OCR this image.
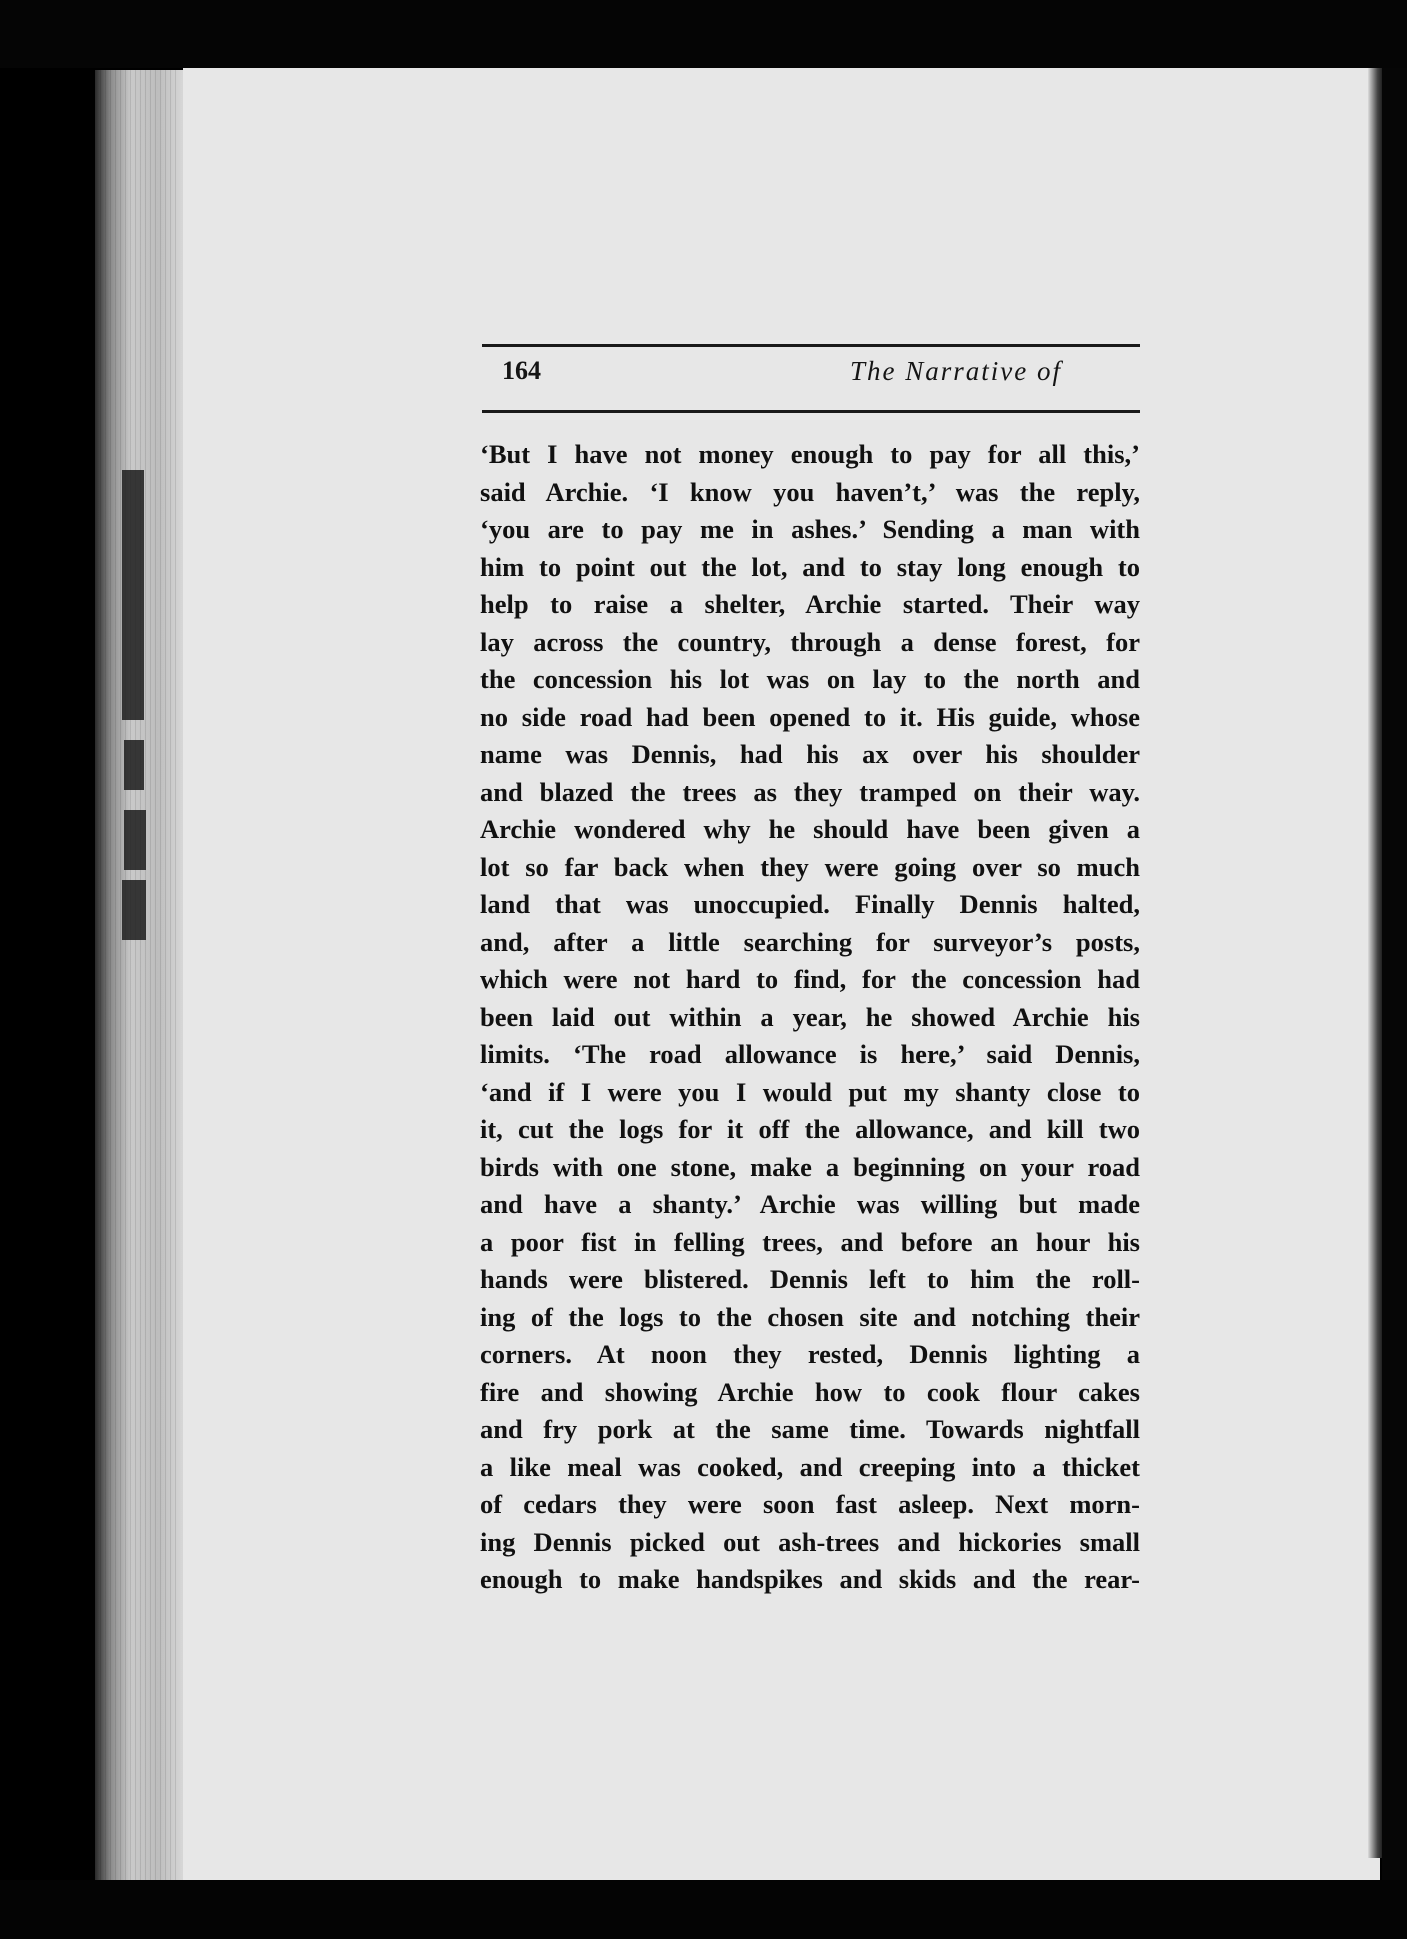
164	The Narrative of
‘But I have not money enough to pay for all this,’
said Archie. ‘I know you haven’t,’ was the reply,
‘you are to pay me in ashes.’ Sending a man with
him to point out the lot, and to stay long enough to
help to raise a shelter, Archie started. Their way
lay across the country, through a dense forest, for
the concession his lot was on lay to the north and
no side road had been opened to it. His guide, whose
name was Dennis, had his ax over his shoulder
and blazed the trees as they tramped on their way.
Archie wondered why he should have been given a
lot so far back when they were going over so much
land that was unoccupied. Finally Dennis halted,
and, after a little searching for surveyor’s posts,
which were not hard to find, for the concession had
been laid out within a year, he showed Archie his
limits. ‘The road allowance is here,’ said Dennis,
‘and if I were you I would put my shanty close to
it, cut the logs for it off the allowance, and kill two
birds with one stone, make a beginning on your road
and have a shanty.’ Archie was willing but made
a poor fist in felling trees, and before an hour his
hands were blistered. Dennis left to him the roll-
ing of the logs to the chosen site and notching their
corners. At noon they rested, Dennis lighting a
fire and showing Archie how to cook flour cakes
and fry pork at the same time. Towards nightfall
a like meal was cooked, and creeping into a thicket
of cedars they were soon fast asleep. Next morn-
ing Dennis picked out ash-trees and hickories small
enough to make handspikes and skids and the rear-
